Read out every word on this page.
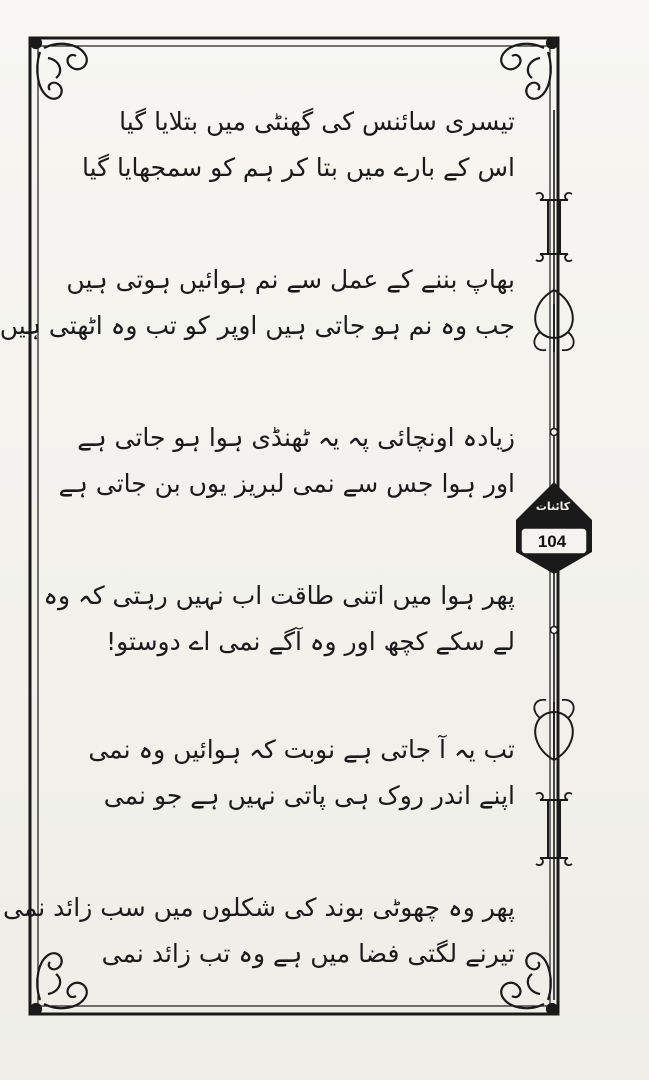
کائنات
104
تیسری سائنس کی گھنٹی میں بتلایا گیا
اس کے بارے میں بتا کر ہم کو سمجھایا گیا
بھاپ بننے کے عمل سے نم ہوائیں ہوتی ہیں
جب وہ نم ہو جاتی ہیں اوپر کو تب وہ اٹھتی ہیں
زیادہ اونچائی پہ یہ ٹھنڈی ہوا ہو جاتی ہے
اور ہوا جس سے نمی لبریز یوں بن جاتی ہے
پھر ہوا میں اتنی طاقت اب نہیں رہتی کہ وہ
لے سکے کچھ اور وہ آگے نمی اے دوستو!
تب یہ آ جاتی ہے نوبت کہ ہوائیں وہ نمی
اپنے اندر روک ہی پاتی نہیں ہے جو نمی
پھر وہ چھوٹی بوند کی شکلوں میں سب زائد نمی
تیرنے لگتی فضا میں ہے وہ تب زائد نمی
